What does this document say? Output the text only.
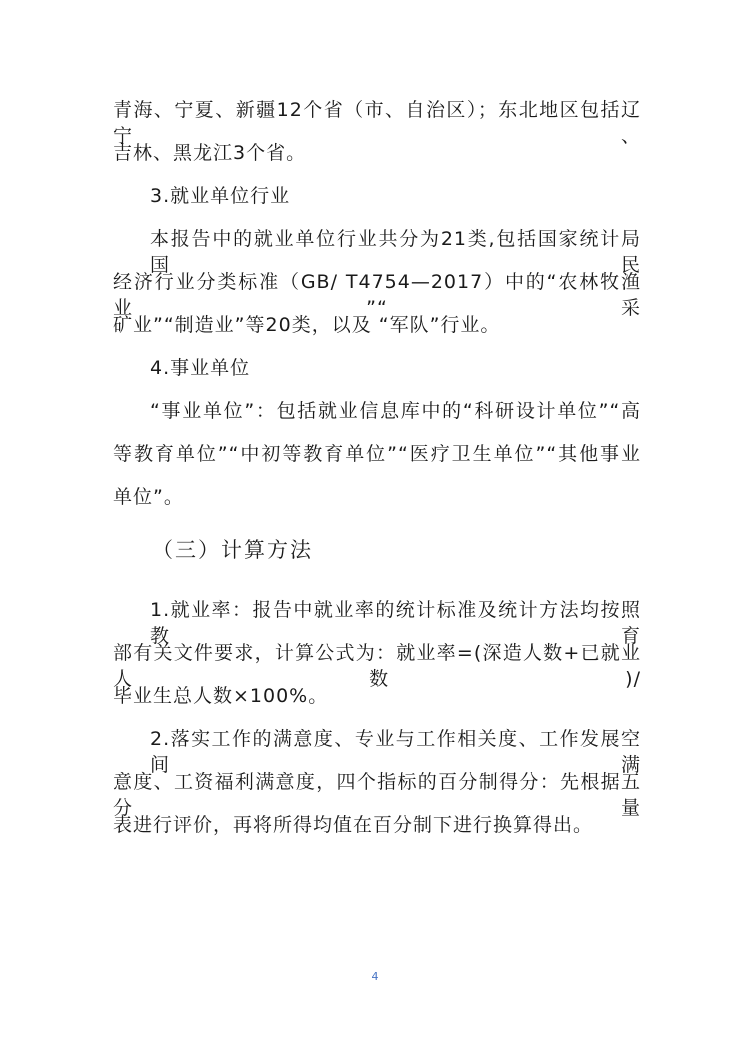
青海、宁夏、新疆12个省（市、自治区）；东北地区包括辽宁、
吉林、黑龙江3个省。
3.就业单位行业
本报告中的就业单位行业共分为21类,包括国家统计局国民
经济行业分类标准（GB/ T4754—2017）中的“农林牧渔业”“采
矿业”“制造业”等20类，以及 “军队”行业。
4.事业单位
“事业单位”：包括就业信息库中的“科研设计单位”“高
等教育单位”“中初等教育单位”“医疗卫生单位”“其他事业
单位”。
（三）计算方法
1.就业率：报告中就业率的统计标准及统计方法均按照教育
部有关文件要求，计算公式为：就业率=(深造人数+已就业人数)/
毕业生总人数×100%。
2.落实工作的满意度、专业与工作相关度、工作发展空间满
意度、工资福利满意度，四个指标的百分制得分：先根据五分量
表进行评价，再将所得均值在百分制下进行换算得出。
4
